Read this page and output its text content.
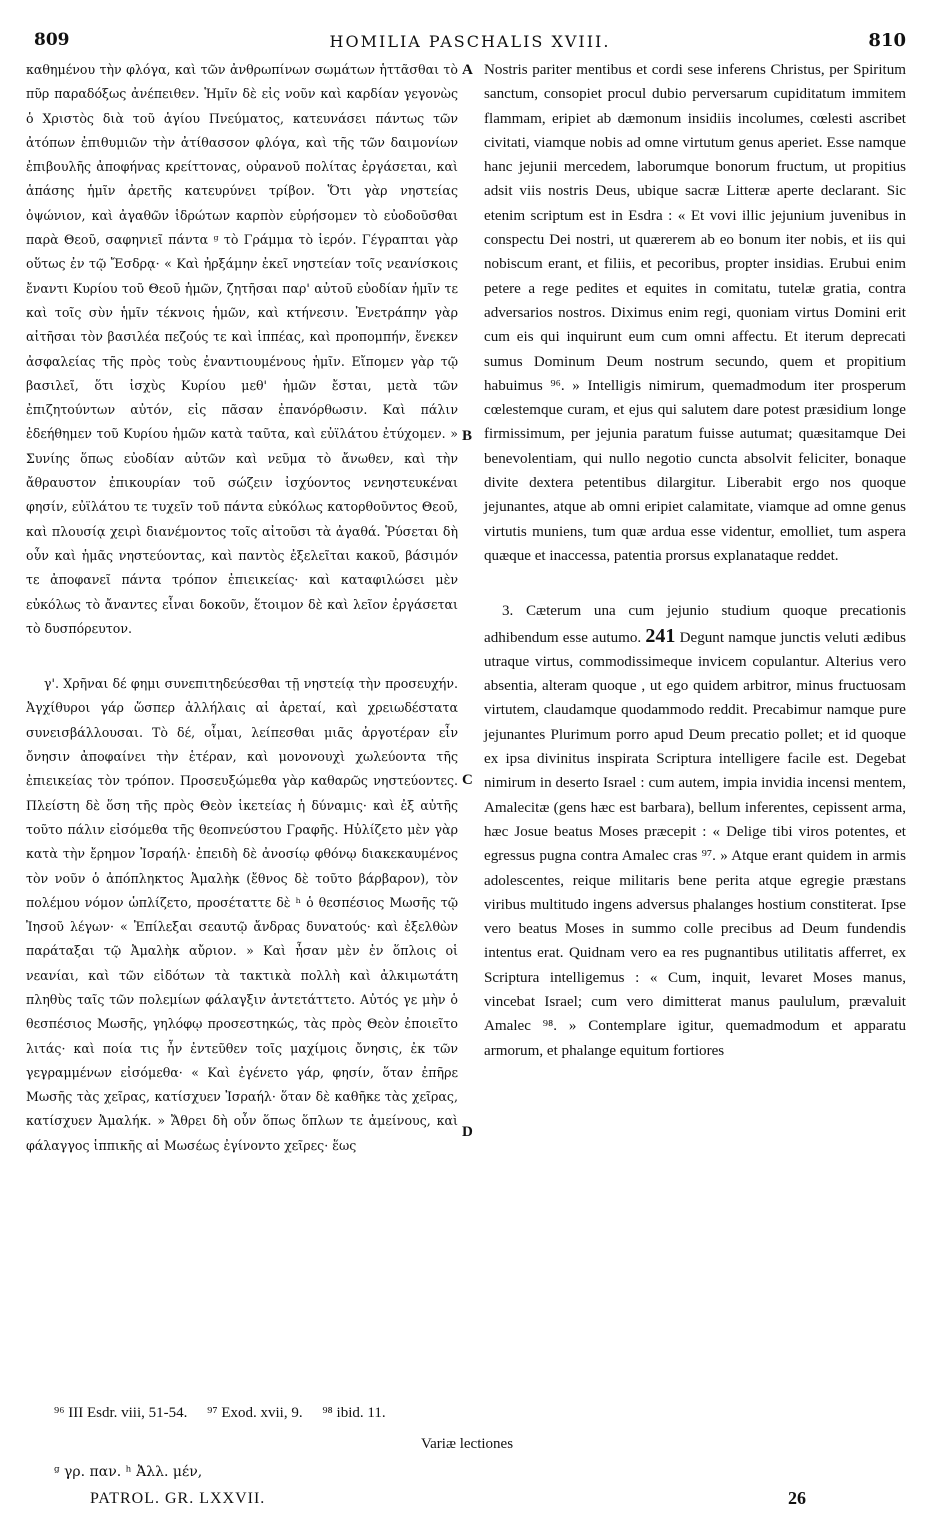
809	HOMILIA PASCHALIS XVIII.	810

καθημένου τὴν φλόγα, καὶ τῶν ἀνθρωπίνων σωμάτων ἡττᾶσθαι τὸ πῦρ παραδόξως ἀνέπειθεν. Ἡμῖν δὲ εἰς νοῦν καὶ καρδίαν γεγονὼς ὁ Χριστὸς διὰ τοῦ ἁγίου Πνεύματος, κατευνάσει πάντως τῶν ἀτόπων ἐπιθυμιῶν τὴν ἀτίθασσον φλόγα, καὶ τῆς τῶν δαιμονίων ἐπιβουλῆς ἀποφήνας κρείττονας, οὐρανοῦ πολίτας ἐργάσεται, καὶ ἁπάσης ἡμῖν ἀρετῆς κατευρύνει τρίβον. Ὅτι γὰρ νηστείας ὀψώνιον, καὶ ἀγαθῶν ἱδρώτων καρπὸν εὑρήσομεν τὸ εὐοδοῦσθαι παρὰ Θεοῦ, σαφηνιεῖ πάντα ᵍ τὸ Γράμμα τὸ ἱερόν. Γέγραπται γὰρ οὕτως ἐν τῷ Ἔσδρᾳ· « Καὶ ἠρξάμην ἐκεῖ νηστείαν τοῖς νεανίσκοις ἔναντι Κυρίου τοῦ Θεοῦ ἡμῶν, ζητῆσαι παρ' αὐτοῦ εὐοδίαν ἡμῖν τε καὶ τοῖς σὺν ἡμῖν τέκνοις ἡμῶν, καὶ κτήνεσιν. Ἐνετράπην γὰρ αἰτῆσαι τὸν βασιλέα πεζούς τε καὶ ἱππέας, καὶ προπομπήν, ἕνεκεν ἀσφαλείας τῆς πρὸς τοὺς ἐναντιουμένους ἡμῖν. Εἴπομεν γὰρ τῷ βασιλεῖ, ὅτι ἰσχὺς Κυρίου μεθ' ἡμῶν ἔσται, μετὰ τῶν ἐπιζητούντων αὐτόν, εἰς πᾶσαν ἐπανόρθωσιν. Καὶ πάλιν ἐδεήθημεν τοῦ Κυρίου ἡμῶν κατὰ ταῦτα, καὶ εὐϊλάτου ἐτύχομεν. » Συνίης ὅπως εὐοδίαν αὐτῶν καὶ νεῦμα τὸ ἄνωθεν, καὶ τὴν ἄθραυστον ἐπικουρίαν τοῦ σώζειν ἰσχύοντος νενηστευκέναι φησίν, εὐϊλάτου τε τυχεῖν τοῦ πάντα εὐκόλως κατορθοῦντος Θεοῦ, καὶ πλουσίᾳ χειρὶ διανέμοντος τοῖς αἰτοῦσι τὰ ἀγαθά. Ῥύσεται δὴ οὖν καὶ ἡμᾶς νηστεύοντας, καὶ παντὸς ἐξελεῖται κακοῦ, βάσιμόν τε ἀποφανεῖ πάντα τρόπον ἐπιεικείας· καὶ καταφιλώσει μὲν εὐκόλως τὸ ἄναντες εἶναι δοκοῦν, ἕτοιμον δὲ καὶ λεῖον ἐργάσεται τὸ δυσπόρευτον.

γ'. Χρῆναι δέ φημι συνεπιτηδεύεσθαι τῇ νηστείᾳ τὴν προσευχήν. Ἀγχίθυροι γάρ ὥσπερ ἀλλήλαις αἱ ἀρεταί, καὶ χρειωδέστατα συνεισβάλλουσαι. Τὸ δέ, οἶμαι, λείπεσθαι μιᾶς ἀργοτέραν εἶν ὄνησιν ἀποφαίνει τὴν ἑτέραν, καὶ μονονουχὶ χωλεύοντα τῆς ἐπιεικείας τὸν τρόπον. Προσευξώμεθα γὰρ καθαρῶς νηστεύοντες. Πλείστη δὲ ὅση τῆς πρὸς Θεὸν ἱκετείας ἡ δύναμις· καὶ ἐξ αὐτῆς τοῦτο πάλιν εἰσόμεθα τῆς θεοπνεύστου Γραφῆς. Ηὐλίζετο μὲν γὰρ κατὰ τὴν ἔρημον Ἰσραήλ· ἐπειδὴ δὲ ἀνοσίῳ φθόνῳ διακεκαυμένος τὸν νοῦν ὁ ἀπόπληκτος Ἀμαλὴκ (ἔθνος δὲ τοῦτο βάρβαρον), τὸν πολέμου νόμον ὡπλίζετο, προσέταττε δὲ ʰ ὁ θεσπέσιος Μωσῆς τῷ Ἰησοῦ λέγων· « Ἐπίλεξαι σεαυτῷ ἄνδρας δυνατούς· καὶ ἐξελθὼν παράταξαι τῷ Ἀμαλὴκ αὔριον. » Καὶ ἦσαν μὲν ἐν ὅπλοις οἱ νεανίαι, καὶ τῶν εἰδότων τὰ τακτικὰ πολλὴ καὶ ἀλκιμωτάτη πληθὺς ταῖς τῶν πολεμίων φάλαγξιν ἀντετάττετο. Αὐτός γε μὴν ὁ θεσπέσιος Μωσῆς, γηλόφῳ προσεστηκώς, τὰς πρὸς Θεὸν ἐποιεῖτο λιτάς· καὶ ποία τις ἦν ἐντεῦθεν τοῖς μαχίμοις ὄνησις, ἐκ τῶν γεγραμμένων εἰσόμεθα· « Καὶ ἐγένετο γάρ, φησίν, ὅταν ἐπῆρε Μωσῆς τὰς χεῖρας, κατίσχυεν Ἰσραήλ· ὅταν δὲ καθῆκε τὰς χεῖρας, κατίσχυεν Ἀμαλήκ. » Ἄθρει δὴ οὖν ὅπως ὅπλων τε ἀμείνους, καὶ φάλαγγος ἱππικῆς αἱ Μωσέως ἐγίνοντο χεῖρες· ἕως

A
B
C
D

Nostris pariter mentibus et cordi sese inferens Christus, per Spiritum sanctum, consopiet procul dubio perversarum cupiditatum immitem flammam, eripiet ab dæmonum insidiis incolumes, cœlesti ascribet civitati, viamque nobis ad omne virtutum genus aperiet. Esse namque hanc jejunii mercedem, laborumque bonorum fructum, ut propitius adsit viis nostris Deus, ubique sacræ Litteræ aperte declarant. Sic etenim scriptum est in Esdra : « Et vovi illic jejunium juvenibus in conspectu Dei nostri, ut quærerem ab eo bonum iter nobis, et iis qui nobiscum erant, et filiis, et pecoribus, propter insidias. Erubui enim petere a rege pedites et equites in comitatu, tutelæ gratia, contra adversarios nostros. Diximus enim regi, quoniam virtus Domini erit cum eis qui inquirunt eum cum omni affectu. Et iterum deprecati sumus Dominum Deum nostrum secundo, quem et propitium habuimus ⁹⁶. » Intelligis nimirum, quemadmodum iter prosperum cœlestemque curam, et ejus qui salutem dare potest præsidium longe firmissimum, per jejunia paratum fuisse autumat; quæsitamque Dei benevolentiam, qui nullo negotio cuncta absolvit feliciter, bonaque divite dextera petentibus dilargitur. Liberabit ergo nos quoque jejunantes, atque ab omni eripiet calamitate, viamque ad omne genus virtutis muniens, tum quæ ardua esse videntur, emolliet, tum aspera quæque et inaccessa, patentia prorsus explanataque reddet.

3. Cæterum una cum jejunio studium quoque precationis adhibendum esse autumo. 241 Degunt namque junctis veluti ædibus utraque virtus, commodissimeque invicem copulantur. Alterius vero absentia, alteram quoque , ut ego quidem arbitror, minus fructuosam virtutem, claudamque quodammodo reddit. Precabimur namque pure jejunantes Plurimum porro apud Deum precatio pollet; et id quoque ex ipsa divinitus inspirata Scriptura intelligere facile est. Degebat nimirum in deserto Israel : cum autem, impia invidia incensi mentem, Amalecitæ (gens hæc est barbara), bellum inferentes, cepissent arma, hæc Josue beatus Moses præcepit : « Delige tibi viros potentes, et egressus pugna contra Amalec cras ⁹⁷. » Atque erant quidem in armis adolescentes, reique militaris bene perita atque egregie præstans viribus multitudo ingens adversus phalanges hostium constiterat. Ipse vero beatus Moses in summo colle precibus ad Deum fundendis intentus erat. Quidnam vero ea res pugnantibus utilitatis afferret, ex Scriptura intelligemus : « Cum, inquit, levaret Moses manus, vincebat Israel; cum vero dimitterat manus paululum, prævaluit Amalec ⁹⁸. » Contemplare igitur, quemadmodum et apparatu armorum, et phalange equitum fortiores

⁹⁶ III Esdr. viii, 51-54. ⁹⁷ Exod. xvii, 9. ⁹⁸ ibid. 11.
Variæ lectiones
ᵍ γρ. παν. ʰ Ἀλλ. μέν,
PATROL. GR. LXXVII.	26
